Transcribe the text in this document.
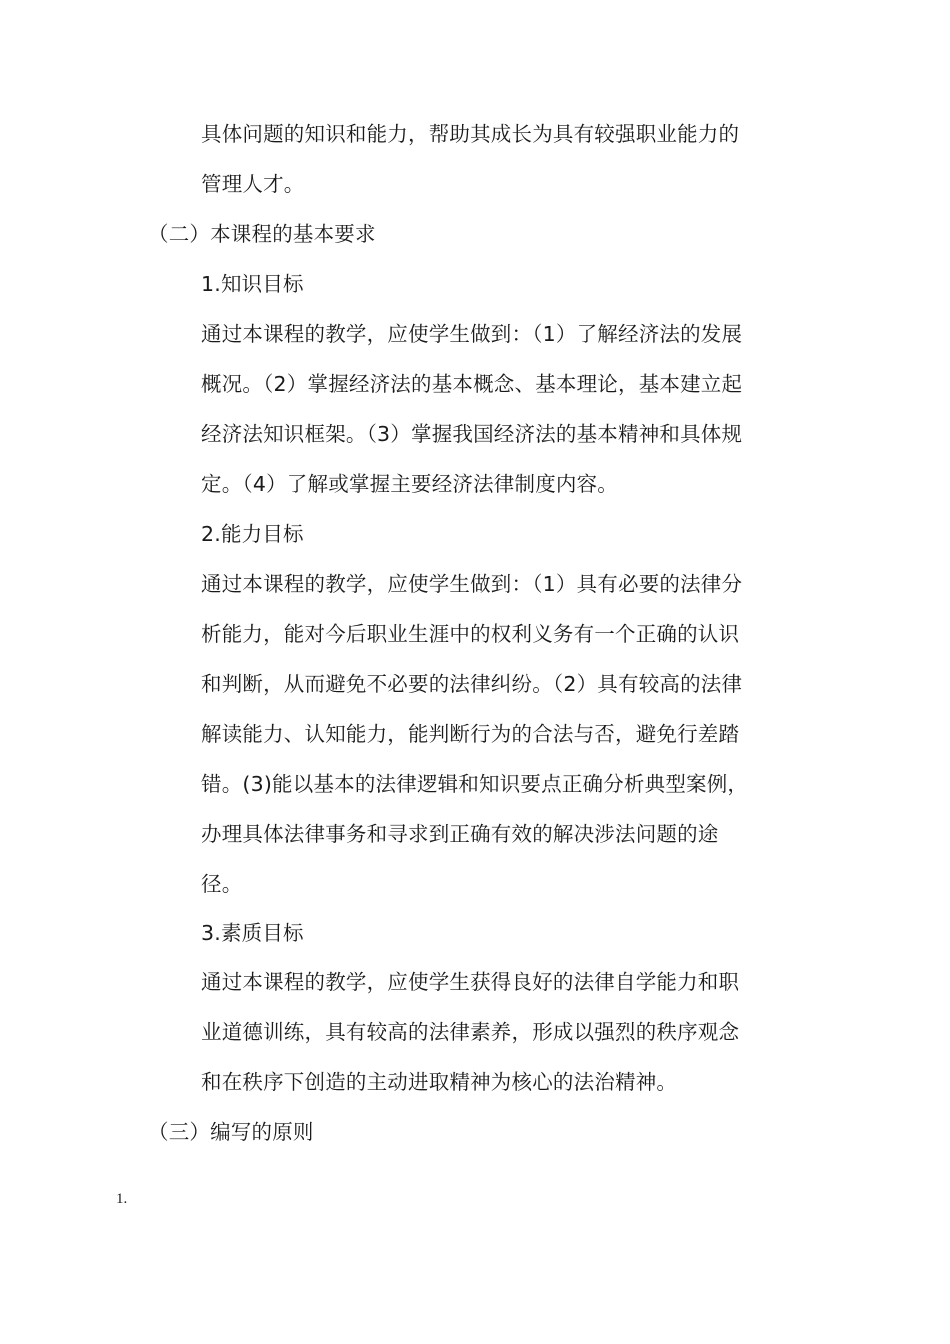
具体问题的知识和能力，帮助其成长为具有较强职业能力的
管理人才。
（二）本课程的基本要求
1.知识目标
通过本课程的教学，应使学生做到：（1）了解经济法的发展
概况。（2）掌握经济法的基本概念、基本理论，基本建立起
经济法知识框架。（3）掌握我国经济法的基本精神和具体规
定。（4）了解或掌握主要经济法律制度内容。
2.能力目标
通过本课程的教学，应使学生做到：（1）具有必要的法律分
析能力，能对今后职业生涯中的权利义务有一个正确的认识
和判断，从而避免不必要的法律纠纷。（2）具有较高的法律
解读能力、认知能力，能判断行为的合法与否，避免行差踏
错。(3)能以基本的法律逻辑和知识要点正确分析典型案例，
办理具体法律事务和寻求到正确有效的解决涉法问题的途
径。
3.素质目标
通过本课程的教学，应使学生获得良好的法律自学能力和职
业道德训练，具有较高的法律素养，形成以强烈的秩序观念
和在秩序下创造的主动进取精神为核心的法治精神。
（三）编写的原则
1.
